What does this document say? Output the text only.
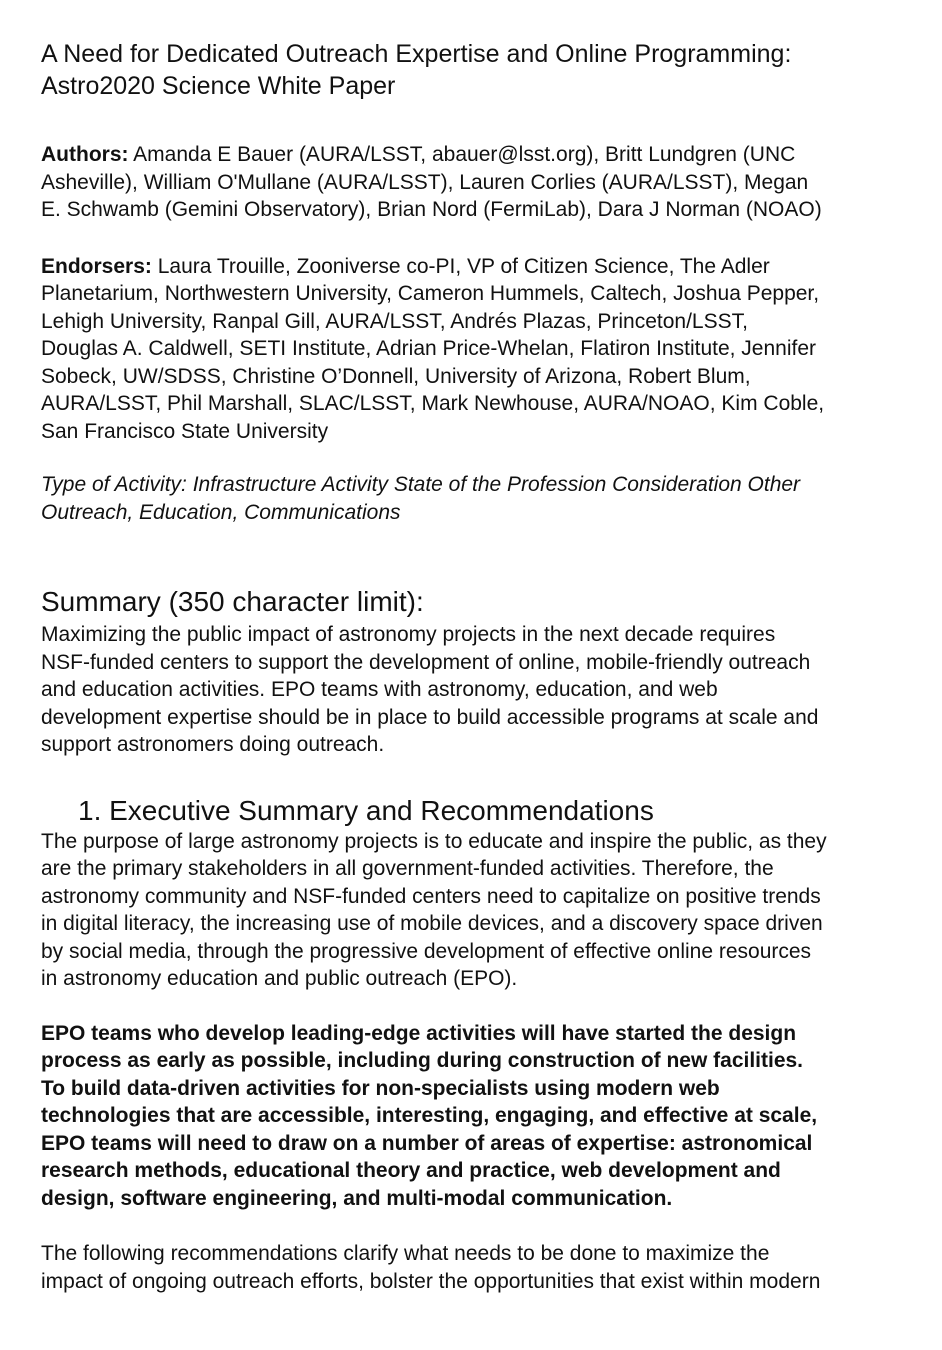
A Need for Dedicated Outreach Expertise and Online Programming:
Astro2020 Science White Paper
Authors: Amanda E Bauer (AURA/LSST, abauer@lsst.org), Britt Lundgren (UNC
Asheville), William O'Mullane (AURA/LSST), Lauren Corlies (AURA/LSST), Megan
E. Schwamb (Gemini Observatory), Brian Nord (FermiLab), Dara J Norman (NOAO)
Endorsers: Laura Trouille, Zooniverse co-PI, VP of Citizen Science, The Adler
Planetarium, Northwestern University, Cameron Hummels, Caltech, Joshua Pepper,
Lehigh University, Ranpal Gill, AURA/LSST, Andrés Plazas, Princeton/LSST,
Douglas A. Caldwell, SETI Institute, Adrian Price-Whelan, Flatiron Institute, Jennifer
Sobeck, UW/SDSS, Christine O’Donnell, University of Arizona, Robert Blum,
AURA/LSST, Phil Marshall, SLAC/LSST, Mark Newhouse, AURA/NOAO, Kim Coble,
San Francisco State University
Type of Activity: Infrastructure Activity State of the Profession Consideration Other
Outreach, Education, Communications
Summary (350 character limit):
Maximizing the public impact of astronomy projects in the next decade requires
NSF-funded centers to support the development of online, mobile-friendly outreach
and education activities. EPO teams with astronomy, education, and web
development expertise should be in place to build accessible programs at scale and
support astronomers doing outreach.
1. Executive Summary and Recommendations
The purpose of large astronomy projects is to educate and inspire the public, as they
are the primary stakeholders in all government-funded activities. Therefore, the
astronomy community and NSF-funded centers need to capitalize on positive trends
in digital literacy, the increasing use of mobile devices, and a discovery space driven
by social media, through the progressive development of effective online resources
in astronomy education and public outreach (EPO).
EPO teams who develop leading-edge activities will have started the design
process as early as possible, including during construction of new facilities.
To build data-driven activities for non-specialists using modern web
technologies that are accessible, interesting, engaging, and effective at scale,
EPO teams will need to draw on a number of areas of expertise: astronomical
research methods, educational theory and practice, web development and
design, software engineering, and multi-modal communication.
The following recommendations clarify what needs to be done to maximize the
impact of ongoing outreach efforts, bolster the opportunities that exist within modern
